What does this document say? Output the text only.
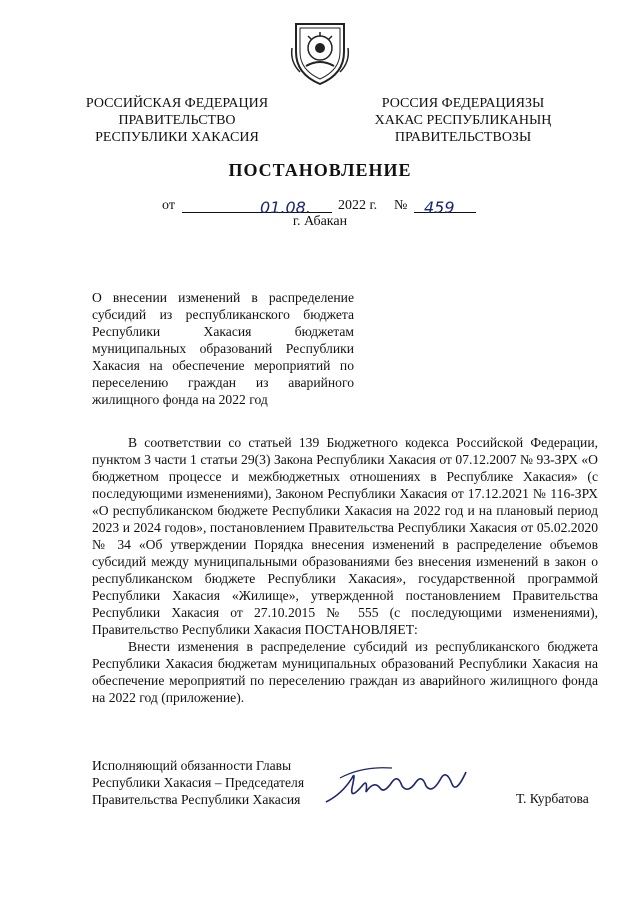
РОССИЙСКАЯ ФЕДЕРАЦИЯ
ПРАВИТЕЛЬСТВО
РЕСПУБЛИКИ ХАКАСИЯ
РОССИЯ ФЕДЕРАЦИЯЗЫ
ХАКАС РЕСПУБЛИКАНЫҢ
ПРАВИТЕЛЬСТВОЗЫ
ПОСТАНОВЛЕНИЕ
от	01.08. 2022 г. № 459
г. Абакан
О внесении изменений в распределение субсидий из республиканского бюджета Республики Хакасия бюджетам муниципальных образований Республики Хакасия на обеспечение мероприятий по переселению граждан из аварийного жилищного фонда на 2022 год

В соответствии со статьей 139 Бюджетного кодекса Российской Федерации, пунктом 3 части 1 статьи 29(3) Закона Республики Хакасия от 07.12.2007 № 93-ЗРХ «О бюджетном процессе и межбюджетных отношениях в Республике Хакасия» (с последующими изменениями), Законом Республики Хакасия от 17.12.2021 № 116-ЗРХ «О республиканском бюджете Республики Хакасия на 2022 год и на плановый период 2023 и 2024 годов», постановлением Правительства Республики Хакасия от 05.02.2020 № 34 «Об утверждении Порядка внесения изменений в распределение объемов субсидий между муниципальными образованиями без внесения изменений в закон о республиканском бюджете Республики Хакасия», государственной программой Республики Хакасия «Жилище», утвержденной постановлением Правительства Республики Хакасия от 27.10.2015 № 555 (с последующими изменениями), Правительство Республики Хакасия ПОСТАНОВЛЯЕТ:

Внести изменения в распределение субсидий из республиканского бюджета Республики Хакасия бюджетам муниципальных образований Республики Хакасия на обеспечение мероприятий по переселению граждан из аварийного жилищного фонда на 2022 год (приложение).

Исполняющий обязанности Главы
Республики Хакасия – Председателя
Правительства Республики Хакасия	Т. Курбатова
